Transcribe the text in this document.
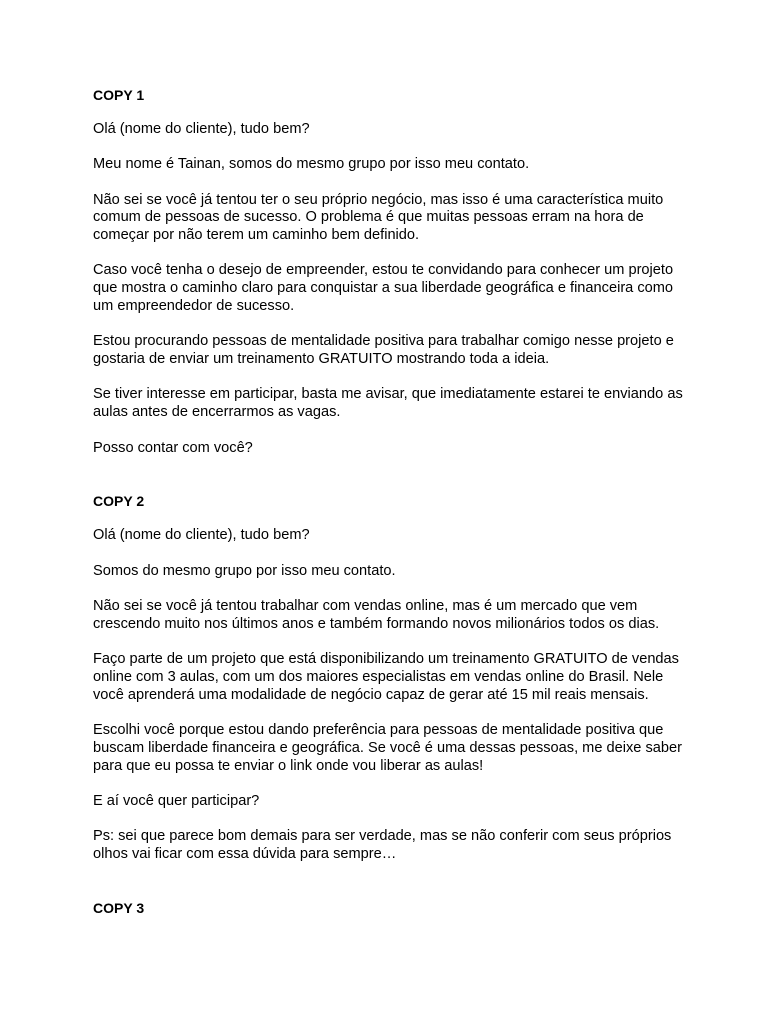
COPY 1

Olá (nome do cliente), tudo bem?

Meu nome é Tainan, somos do mesmo grupo por isso meu contato.

Não sei se você já tentou ter o seu próprio negócio, mas isso é uma característica muito comum de pessoas de sucesso. O problema é que muitas pessoas erram na hora de começar por não terem um caminho bem definido.

Caso você tenha o desejo de empreender, estou te convidando para conhecer um projeto que mostra o caminho claro para conquistar a sua liberdade geográfica e financeira como um empreendedor de sucesso.

Estou procurando pessoas de mentalidade positiva para trabalhar comigo nesse projeto e gostaria de enviar um treinamento GRATUITO mostrando toda a ideia.

Se tiver interesse em participar, basta me avisar, que imediatamente estarei te enviando as aulas antes de encerrarmos as vagas.

Posso contar com você?

COPY 2

Olá (nome do cliente), tudo bem?

Somos do mesmo grupo por isso meu contato.

Não sei se você já tentou trabalhar com vendas online, mas é um mercado que vem crescendo muito nos últimos anos e também formando novos milionários todos os dias.

Faço parte de um projeto que está disponibilizando um treinamento GRATUITO de vendas online com 3 aulas, com um dos maiores especialistas em vendas online do Brasil. Nele você aprenderá uma modalidade de negócio capaz de gerar até 15 mil reais mensais.

Escolhi você porque estou dando preferência para pessoas de mentalidade positiva que buscam liberdade financeira e geográfica. Se você é uma dessas pessoas, me deixe saber para que eu possa te enviar o link onde vou liberar as aulas!

E aí você quer participar?

Ps: sei que parece bom demais para ser verdade, mas se não conferir com seus próprios olhos vai ficar com essa dúvida para sempre…

COPY 3
